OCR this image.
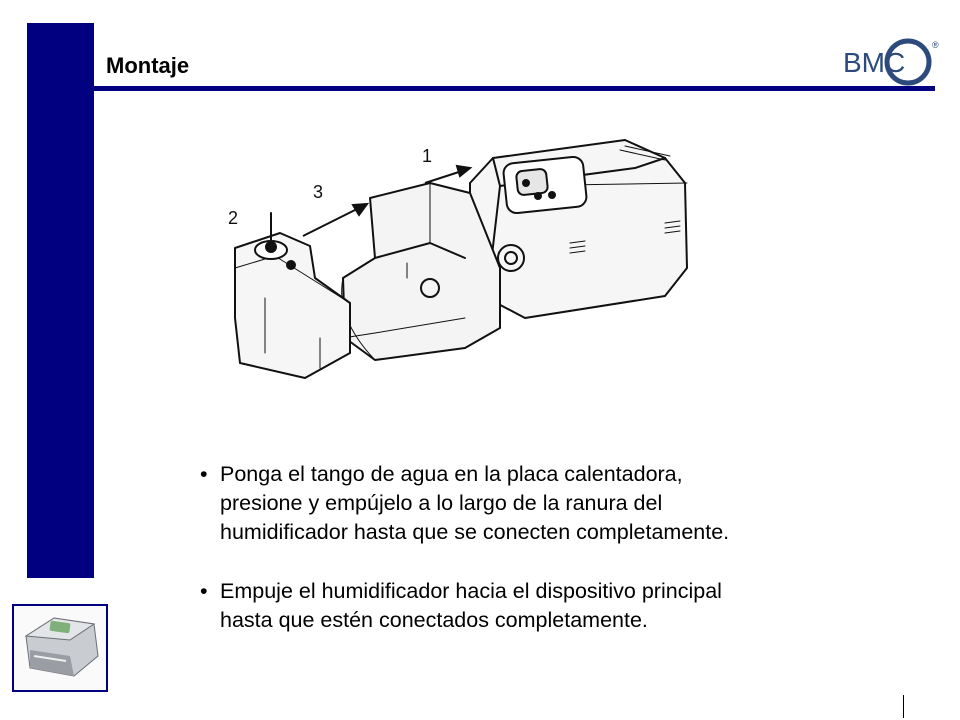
Montaje	BMC
®
1
2
3

• Ponga el tango de agua en la placa calentadora,
presione y empújelo a lo largo de la ranura del
humidificador hasta que se conecten completamente.

• Empuje el humidificador hacia el dispositivo principal
hasta que estén conectados completamente.
